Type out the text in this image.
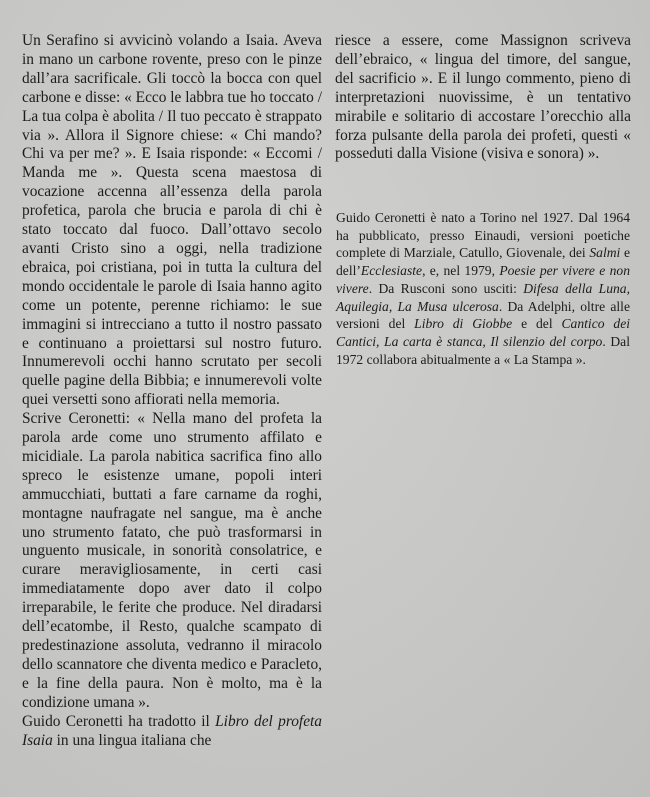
Un Serafino si avvicinò volando a Isaia. Aveva in mano un carbone rovente, preso con le pinze dall’ara sacrificale. Gli toccò la bocca con quel carbone e disse: « Ecco le labbra tue ho toccato / La tua colpa è abolita / Il tuo peccato è strappato via ». Allora il Signore chiese: « Chi mando? Chi va per me? ». E Isaia risponde: « Eccomi / Manda me ». Questa scena maestosa di vocazione accenna all’essenza della parola profetica, parola che brucia e parola di chi è stato toccato dal fuoco. Dall’ottavo secolo avanti Cristo sino a oggi, nella tradizione ebraica, poi cristiana, poi in tutta la cultura del mondo occidentale le parole di Isaia hanno agito come un potente, perenne richiamo: le sue immagini si intrecciano a tutto il nostro passato e continuano a proiettarsi sul nostro futuro. Innumerevoli occhi hanno scrutato per secoli quelle pagine della Bibbia; e innumerevoli volte quei versetti sono affiorati nella memoria.

Scrive Ceronetti: « Nella mano del profeta la parola arde come uno strumento affilato e micidiale. La parola nabitica sacrifica fino allo spreco le esistenze umane, popoli interi ammucchiati, buttati a fare carname da roghi, montagne naufragate nel sangue, ma è anche uno strumento fatato, che può trasformarsi in unguento musicale, in sonorità consolatrice, e curare meravigliosamente, in certi casi immediatamente dopo aver dato il colpo irreparabile, le ferite che produce. Nel diradarsi dell’ecatombe, il Resto, qualche scampato di predestinazione assoluta, vedranno il miracolo dello scannatore che diventa medico e Paracleto, e la fine della paura. Non è molto, ma è la condizione umana ».

Guido Ceronetti ha tradotto il Libro del profeta Isaia in una lingua italiana che

riesce a essere, come Massignon scriveva dell’ebraico, « lingua del timore, del sangue, del sacrificio ». E il lungo commento, pieno di interpretazioni nuovissime, è un tentativo mirabile e solitario di accostare l’orecchio alla forza pulsante della parola dei profeti, questi « posseduti dalla Visione (visiva e sonora) ».

Guido Ceronetti è nato a Torino nel 1927. Dal 1964 ha pubblicato, presso Einaudi, versioni poetiche complete di Marziale, Catullo, Giovenale, dei Salmi e dell’Ecclesiaste, e, nel 1979, Poesie per vivere e non vivere. Da Rusconi sono usciti: Difesa della Luna, Aquilegia, La Musa ulcerosa. Da Adelphi, oltre alle versioni del Libro di Giobbe e del Cantico dei Cantici, La carta è stanca, Il silenzio del corpo. Dal 1972 collabora abitualmente a « La Stampa ».
